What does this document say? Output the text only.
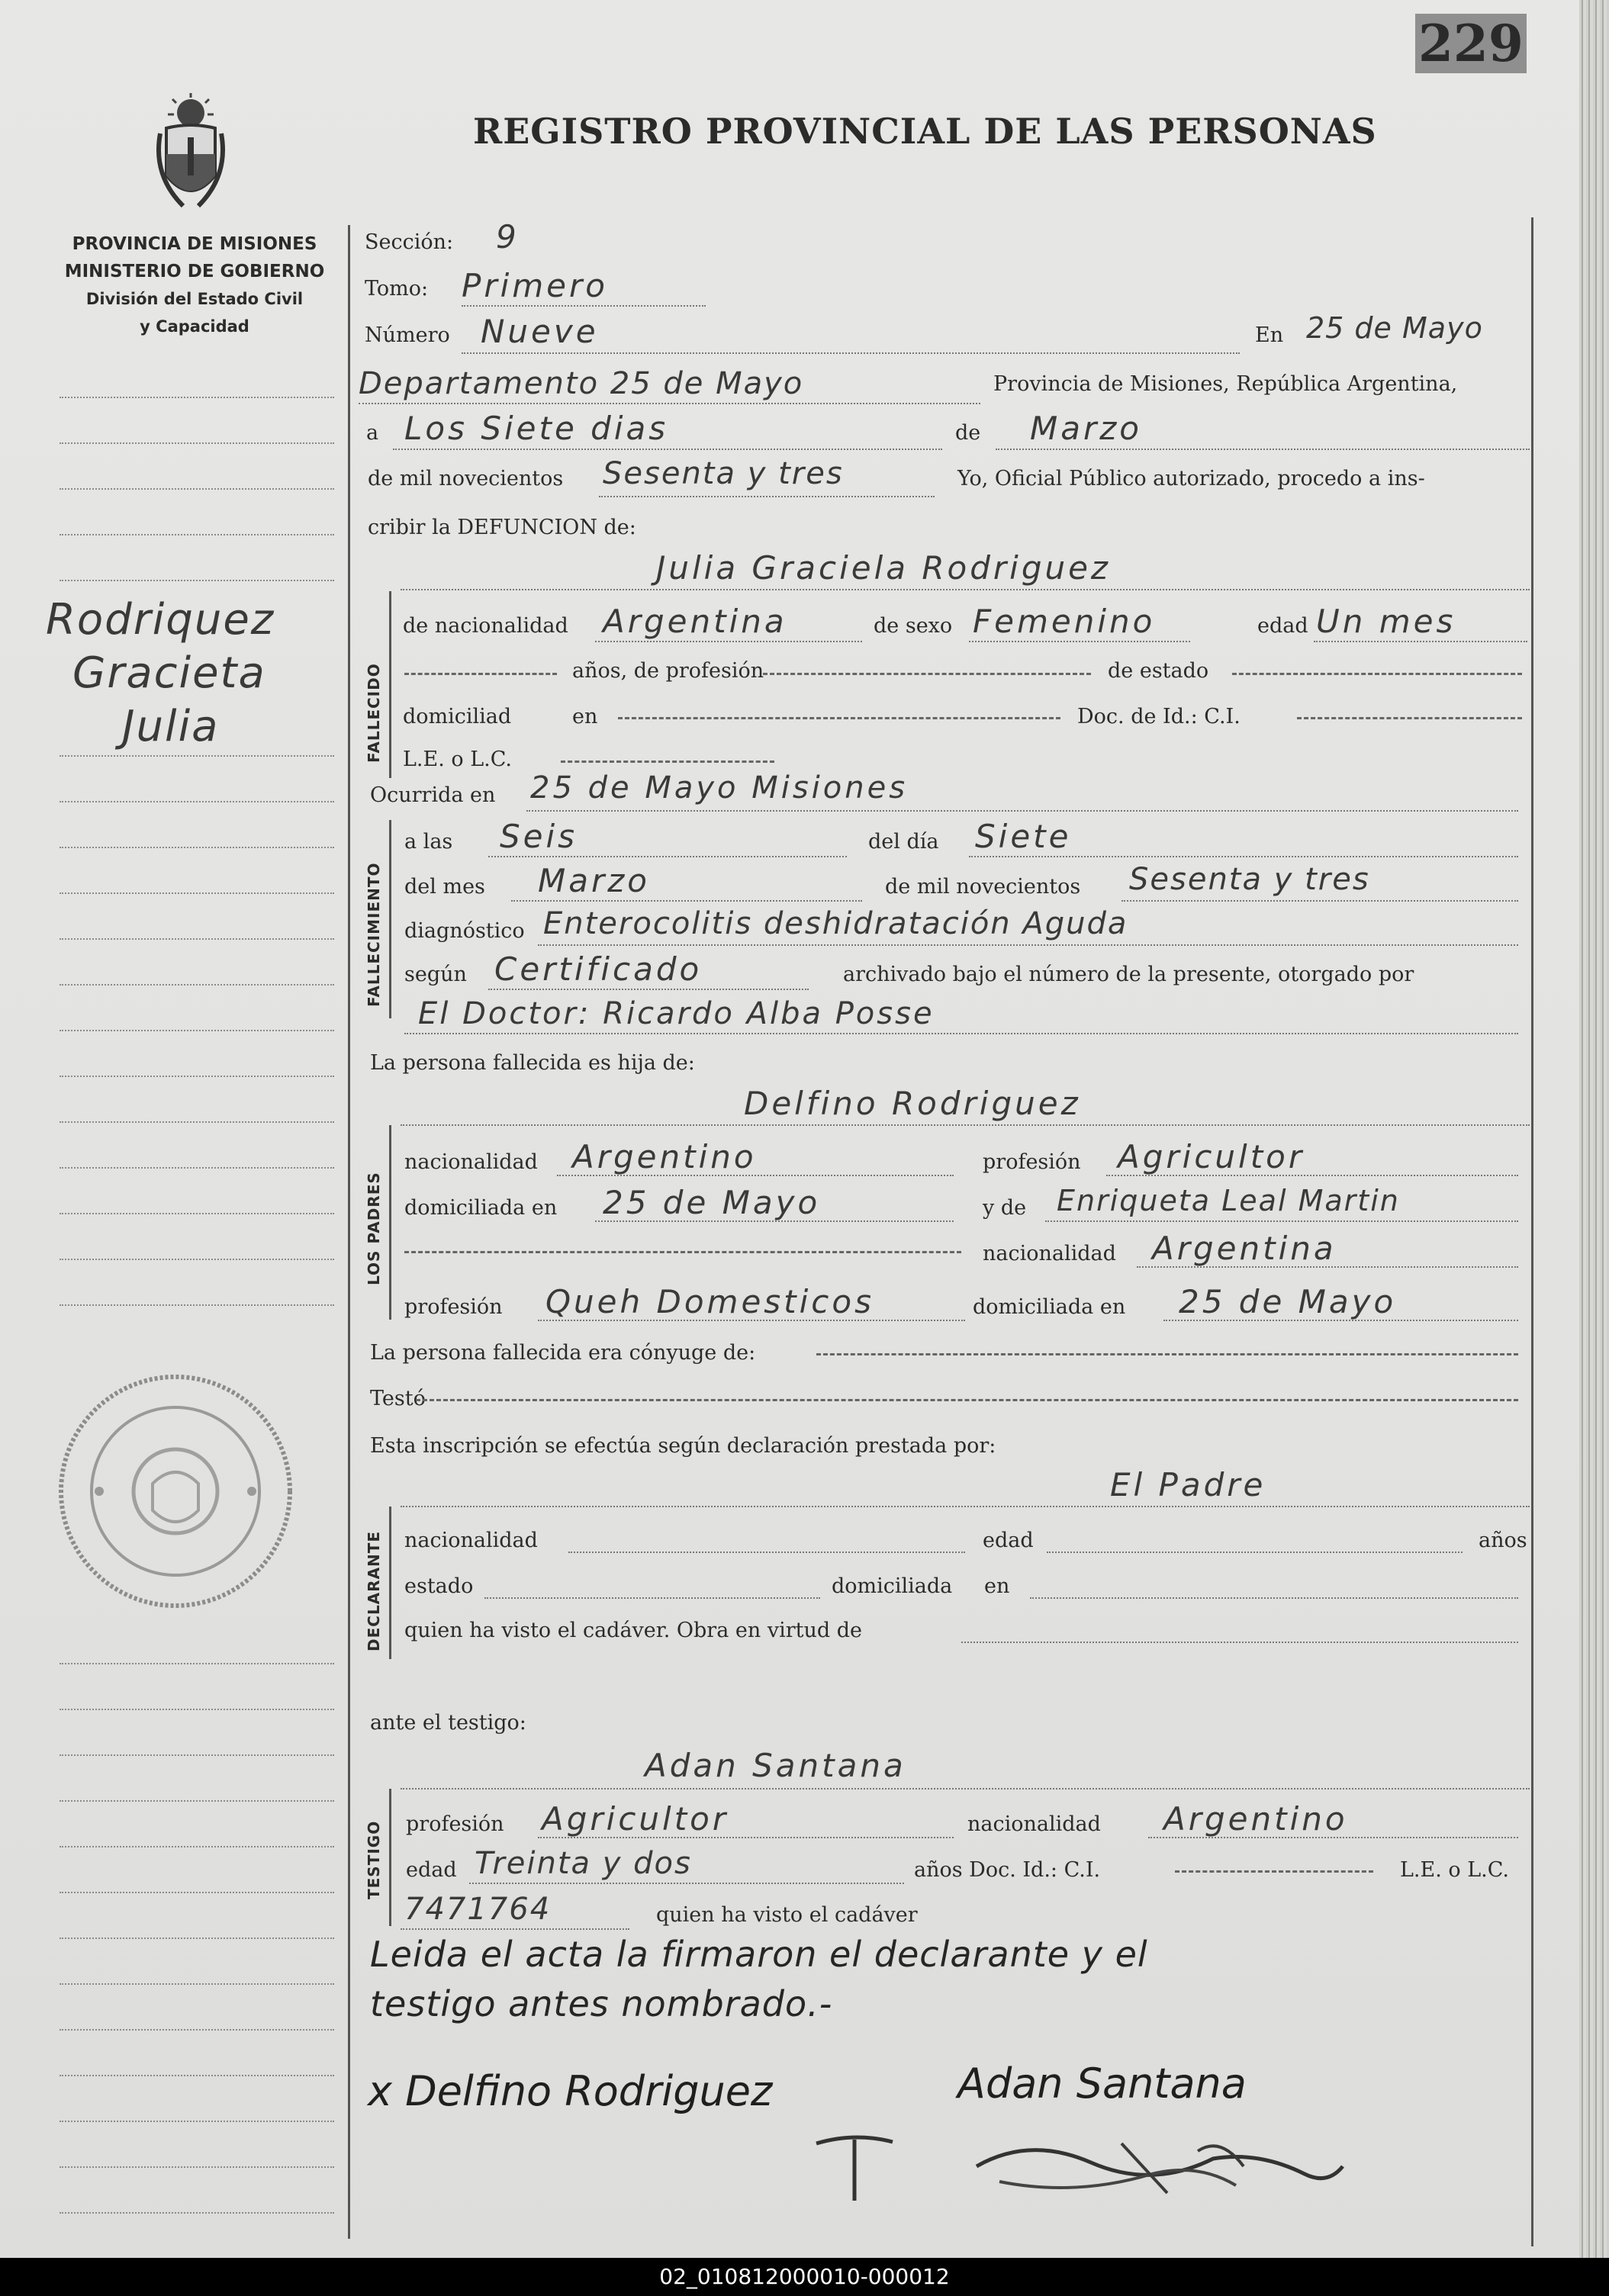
229
REGISTRO PROVINCIAL DE LAS PERSONAS
PROVINCIA DE MISIONES
MINISTERIO DE GOBIERNO
División del Estado Civil
y Capacidad
Rodriquez
Gracieta
Julia
Sección: 9
Tomo: Primero
Número Nueve	En 25 de Mayo
Departamento 25 de Mayo	Provincia de Misiones, República Argentina,
a Los Siete dias	de Marzo
de mil novecientos Sesenta y tres	Yo, Oficial Público autorizado, procedo a ins-
cribir la DEFUNCION de:
FALLECIDO
Julia Graciela Rodriguez
de nacionalidad Argentina	de sexo Femenino	edad Un mes
años, de profesión	de estado
domiciliad	en	Doc. de Id.: C.I.
L.E. o L.C.
Ocurrida en 25 de Mayo Misiones
FALLECIMIENTO
a las Seis	del día Siete
del mes Marzo	de mil novecientos Sesenta y tres
diagnóstico Enterocolitis deshidratación Aguda
según Certificado	archivado bajo el número de la presente, otorgado por
El Doctor: Ricardo Alba Posse
La persona fallecida es hija de:
LOS PADRES
Delfino Rodriguez
nacionalidad Argentino	profesión Agricultor
domiciliada en 25 de Mayo	y de Enriqueta Leal Martin
nacionalidad Argentina
profesión Queh Domesticos	domiciliada en 25 de Mayo
La persona fallecida era cónyuge de:
Testó
Esta inscripción se efectúa según declaración prestada por:
DECLARANTE
El Padre
nacionalidad	edad	años
estado	domiciliada en
quien ha visto el cadáver. Obra en virtud de
ante el testigo:
TESTIGO
Adan Santana
profesión Agricultor	nacionalidad Argentino
edad Treinta y dos	años Doc. Id.: C.I.	L.E. o L.C.
7471764	quien ha visto el cadáver
Leida el acta la firmaron el declarante y el
testigo antes nombrado.-
x Delfino Rodriguez	Adan Santana
02_010812000010-000012
